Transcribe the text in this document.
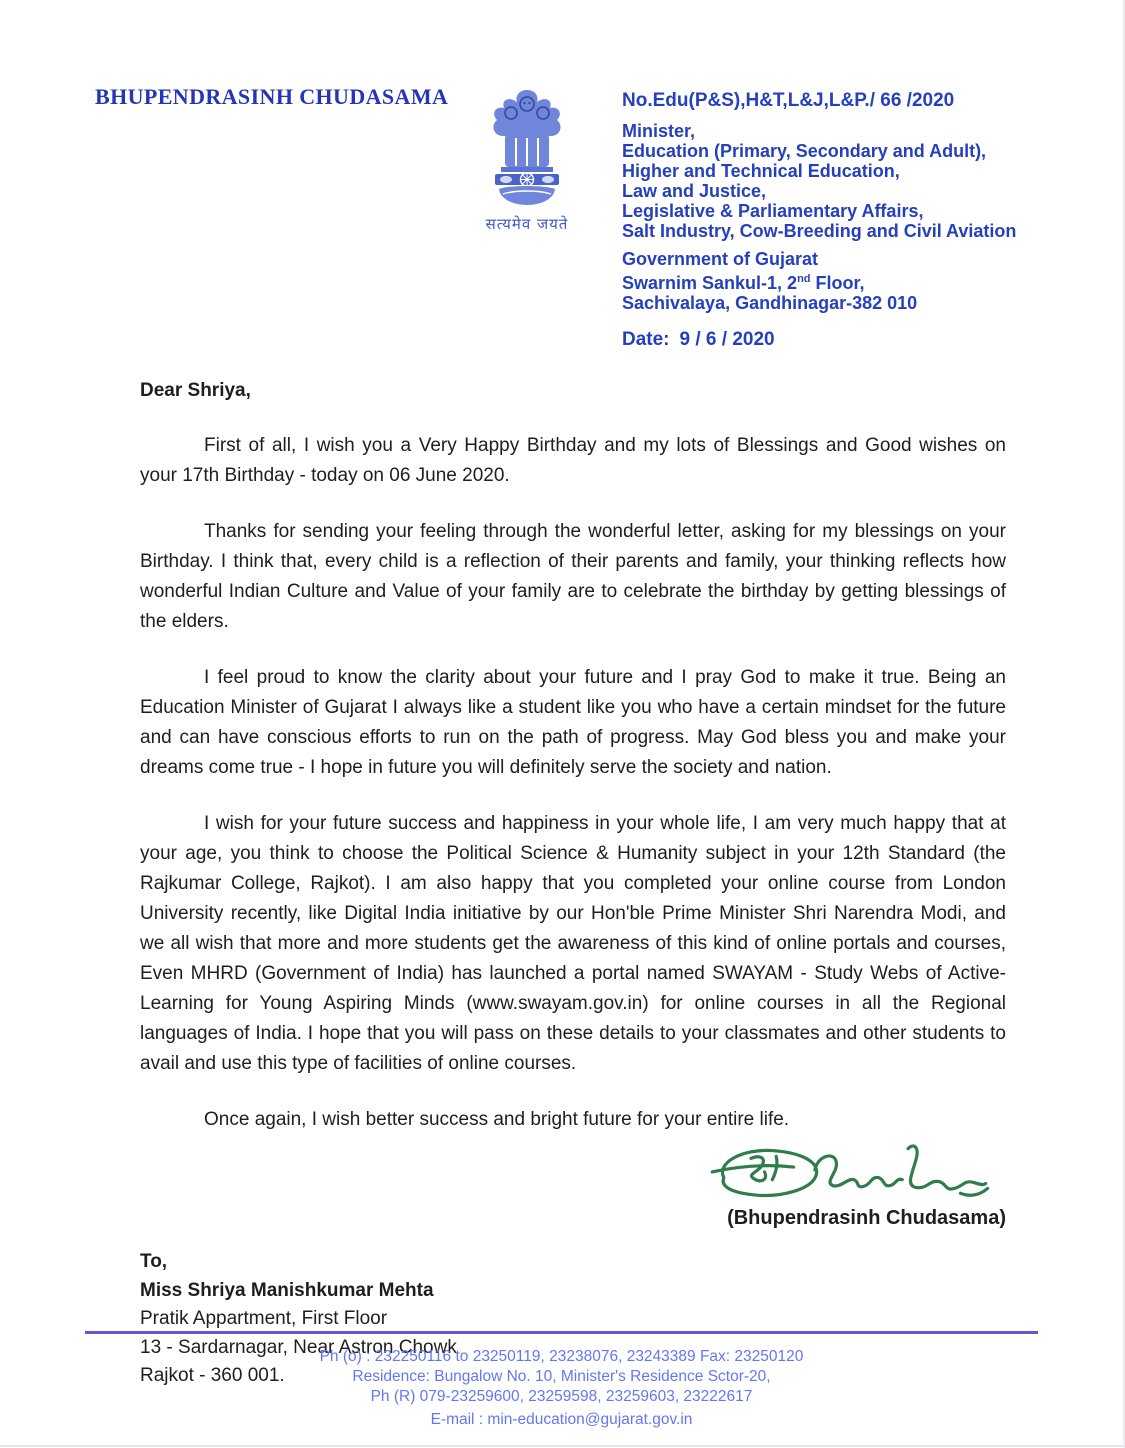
BHUPENDRASINH CHUDASAMA
सत्यमेव जयते
No.Edu(P&S),H&T,L&J,L&P./ 66 /2020
Minister,
Education (Primary, Secondary and Adult),
Higher and Technical Education,
Law and Justice,
Legislative & Parliamentary Affairs,
Salt Industry, Cow-Breeding and Civil Aviation
Government of Gujarat
Swarnim Sankul-1, 2nd Floor,
Sachivalaya, Gandhinagar-382 010
Date: 9 / 6 / 2020
Dear Shriya,

First of all, I wish you a Very Happy Birthday and my lots of Blessings and Good wishes on your 17th Birthday - today on 06 June 2020.

Thanks for sending your feeling through the wonderful letter, asking for my blessings on your Birthday. I think that, every child is a reflection of their parents and family, your thinking reflects how wonderful Indian Culture and Value of your family are to celebrate the birthday by getting blessings of the elders.

I feel proud to know the clarity about your future and I pray God to make it true. Being an Education Minister of Gujarat I always like a student like you who have a certain mindset for the future and can have conscious efforts to run on the path of progress. May God bless you and make your dreams come true - I hope in future you will definitely serve the society and nation.

I wish for your future success and happiness in your whole life, I am very much happy that at your age, you think to choose the Political Science & Humanity subject in your 12th Standard (the Rajkumar College, Rajkot). I am also happy that you completed your online course from London University recently, like Digital India initiative by our Hon'ble Prime Minister Shri Narendra Modi, and we all wish that more and more students get the awareness of this kind of online portals and courses, Even MHRD (Government of India) has launched a portal named SWAYAM - Study Webs of Active-Learning for Young Aspiring Minds (www.swayam.gov.in) for online courses in all the Regional languages of India. I hope that you will pass on these details to your classmates and other students to avail and use this type of facilities of online courses.

Once again, I wish better success and bright future for your entire life.

(Bhupendrasinh Chudasama)
To,
Miss Shriya Manishkumar Mehta
Pratik Appartment, First Floor
13 - Sardarnagar, Near Astron Chowk
Rajkot - 360 001.
Ph (o) : 232250116 to 23250119, 23238076, 23243389 Fax: 23250120
Residence: Bungalow No. 10, Minister's Residence Sctor-20,
Ph (R) 079-23259600, 23259598, 23259603, 23222617
E-mail : min-education@gujarat.gov.in
